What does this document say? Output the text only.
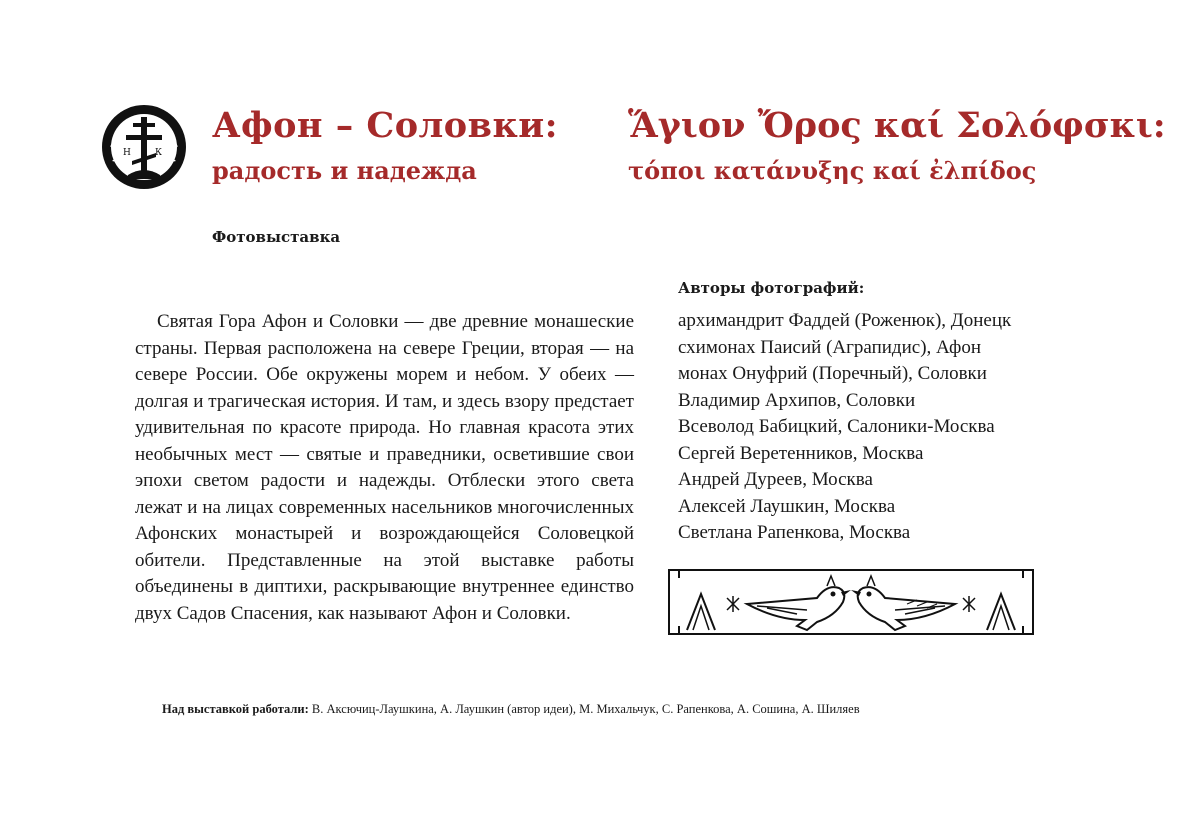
Н	К
Афон – Соловки:
радость и надежда
Ἅγιον Ὄρος καί Σολόφσκι:
τόποι κατάνυξης καί ἐλπίδος
Фотовыставка

Святая Гора Афон и Соловки — две древние монашеские страны. Первая расположена на севере Греции, вторая — на севере России. Обе окружены морем и небом. У обеих — долгая и трагическая история. И там, и здесь взору предстает удивительная по красоте природа. Но главная красота этих необычных мест — святые и праведники, осветившие свои эпохи светом радости и надежды. Отблески этого света лежат и на лицах современных насельников многочисленных Афонских монастырей и возрождающейся Соловецкой обители. Представленные на этой выставке работы объединены в диптихи, раскрывающие внутреннее единство двух Садов Спасения, как называют Афон и Соловки.

Авторы фотографий:
архимандрит Фаддей (Роженюк), Донецк
схимонах Паисий (Аграпидис), Афон
монах Онуфрий (Поречный), Соловки
Владимир Архипов, Соловки
Всеволод Бабицкий, Салоники-Москва
Сергей Веретенников, Москва
Андрей Дуреев, Москва
Алексей Лаушкин, Москва
Светлана Рапенкова, Москва
Над выставкой работали: В. Аксючиц-Лаушкина, А. Лаушкин (автор идеи), М. Михальчук, С. Рапенкова, А. Сошина, А. Шиляев
